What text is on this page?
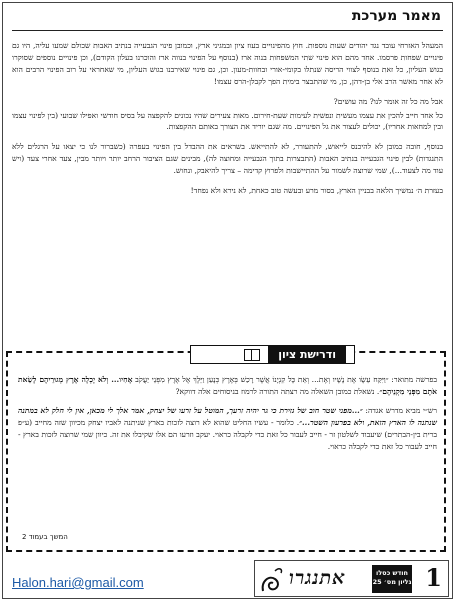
מאמר מערכת

המעהל האזרחי עובד נגד יהודים שעות נוספות. חוץ מהפינויים בעוז ציון ובמגיני ארץ, וכמובן פינוי הגבעייה בנתיב האבות שכולם שמעו עליה, היו גם פינויים שפחות פרסמו. אחד מהם הוא פינוי שתי המשפחות בנוה ארז (בנוסף על הפינוי בנווה ארז והוכרנו בעלון הקודם), וכן פינויים נוספים שסוקרו בגוש העליון, כל זאת בנוסף לצווי הריסה שנתלו בקומי-אורי ובחוות-מעון. וכן, גם פינוי שאירבנו בגוש העליון, מי שאחראי על רוב הפינוי הרבים הוא לא אחר מאשר הרב אלי בן-דהן, כן, מי שהתבצר בימית הפך לקבלן-הרס עצמו!

אבל מה כל זה אומר לנו? מה עושים?

כל אחד חייב להכין את עצמו מעשית ונפשית לעימות שעת-חירום. מאות צעירים שהיו נכונים להקפצה על בסיס חודשי ואפילו שבועי (בין לפינוי עצמו ובין למחאות אחריו), יכולים לעצור את גל הפינויים. מה שגם יוריד את הצורך באותם ההקפצות.

בנוסף, חובה כמובן לא להיכנס לייאוש, להתעורר, לא להתייאש. בשראים את ההבדל בין הפינוי בעפרה (כשברור לנו כי יצאו על הרגלים ללא התנגדות) לבין פינוי הגבעייה בנתיב האבות (התבצרות בתוך הגבעייה ומחוצה לה), מבינים שגם הציבור הרחב יותר ויותר מבין, צעד אחרי צעד (ויש עוד מה לצעוד...), שמי שרוצה לשמור על ההתיישבות ולפרוץ קדימה – צריך להיאבק, ונחוש.

בעזרת ה׳ נמשיך הלאה בבניין הארץ, בסור מרע ובעשה טוב כאחת, לא נירא ולא נפחד!

ודרישת ציון

בפרשה מתואר: ״וַיִּקַּח עֵשָׂו אֶת נָשָׁיו וְאֶת... וְאֵת כָּל קִנְיָנוֹ אֲשֶׁר רָכַשׁ בְּאֶרֶץ כְּנָעַן וַיֵּלֶךְ אֶל אֶרֶץ מִפְּנֵי יַעֲקֹב אָחִיו... וְלֹא יָכְלָה אֶרֶץ מְגוּרֵיהֶם לָשֵׂאת אֹתָם מִפְּנֵי מִקְנֵיהֶם״. נשאלת כמובן השאלה מה רצתה התורה לרמוז בניסוחים אלה דווקא?

רש״י מביא מדרש אגדה: ״...מפני שטר חוב של גזירת כי גר יהיה זרעך, המוטל על זרעו של יצחק, אמר אלך לי מכאן, אין לי חלק לא במתנה שנתנה לו הארץ הזאת, ולא בפרעון השטר...״. כלומר - עשיו החליט שהוא לא רוצה לזכות בארץ שניתנה לאביו יצחק מכיוון שזה מחייב (ע״פ ברית בין-הבתרים) שיעבוד לשלטון זר - חייב לעבור כל זאת כדי לקבלה כראוי. יעקב וזרעו הם אלו שקיבלו את זה. כיוון שמי שרוצה לזכות בארץ - חייב לעבור כל זאת כדי לקבלה כראוי.

המשך בעמוד 2
Halon.hari@gmail.com	אתנגרו	חודש כסלו
גליון מס׳ 25 1
